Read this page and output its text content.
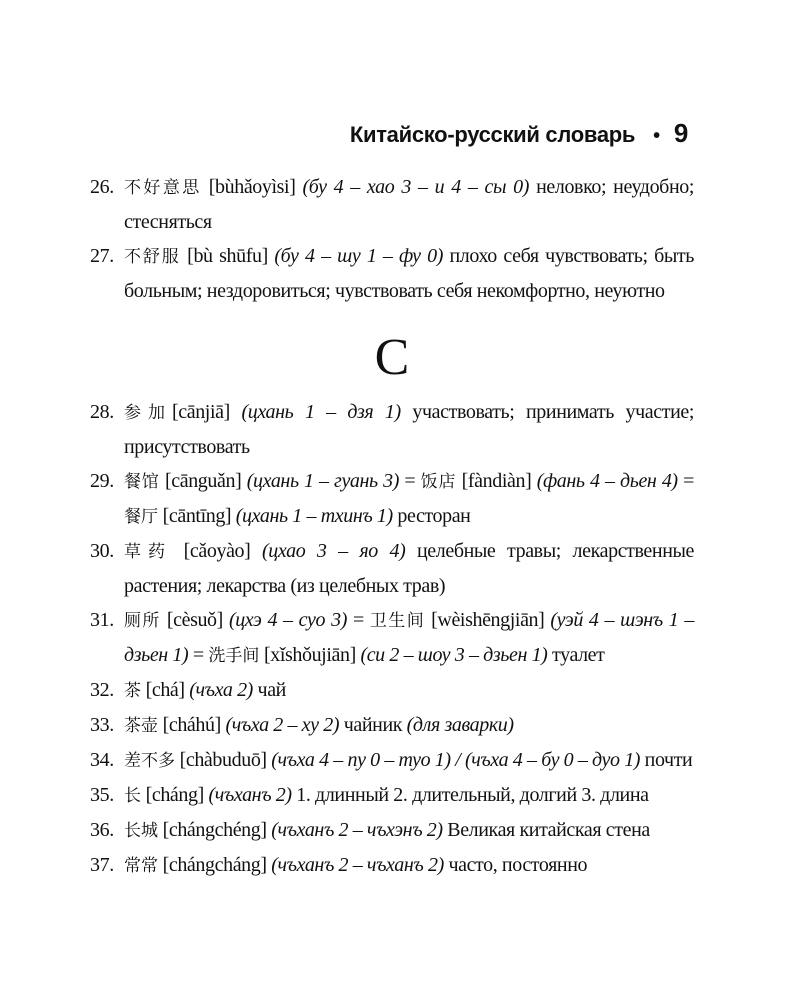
Китайско-русский словарь • 9

26. 不好意思 [bùhǎoyìsi] (бу 4 – хао 3 – и 4 – сы 0) неловко; неудобно; стесняться

27. 不舒服 [bù shūfu] (бу 4 – шу 1 – фу 0) плохо себя чувствовать; быть больным; нездоровиться; чувствовать себя некомфортно, неуютно

C

28. 参加[cānjiā] (цхань 1 – дзя 1) участвовать; принимать участие; присутствовать

29. 餐馆 [cānguǎn] (цхань 1 – гуань 3) = 饭店 [fàndiàn] (фань 4 – дьен 4) = 餐厅 [cāntīng] (цхань 1 – тхинъ 1) ресторан

30. 草药 [cǎoyào] (цхао 3 – яо 4) целебные травы; лекарственные растения; лекарства (из целебных трав)

31. 厕所 [cèsuǒ] (цхэ 4 – суо 3) = 卫生间 [wèishēngjiān] (уэй 4 – шэнъ 1 – дзьен 1) = 洗手间 [xǐshǒujiān] (си 2 – шоу 3 – дзьен 1) туалет

32. 茶 [chá] (чъха 2) чай

33. 茶壶 [cháhú] (чъха 2 – ху 2) чайник (для заварки)

34. 差不多 [chàbuduō] (чъха 4 – пу 0 – туо 1) / (чъха 4 – бу 0 – дуо 1) почти

35. 长 [cháng] (чъханъ 2) 1. длинный 2. длительный, долгий 3. длина

36. 长城 [chángchéng] (чъханъ 2 – чъхэнъ 2) Великая китайская стена

37. 常常 [chángcháng] (чъханъ 2 – чъханъ 2) часто, постоянно
